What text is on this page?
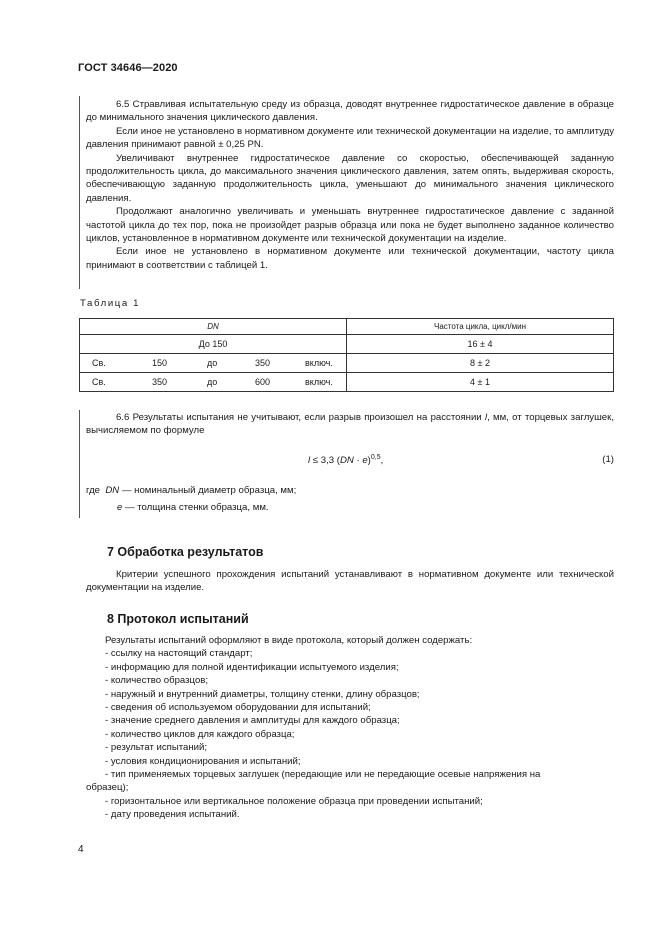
ГОСТ 34646—2020

6.5 Стравливая испытательную среду из образца, доводят внутреннее гидростатическое давление в образце до минимального значения циклического давления.

Если иное не установлено в нормативном документе или технической документации на изделие, то амплитуду давления принимают равной ± 0,25 PN.

Увеличивают внутреннее гидростатическое давление со скоростью, обеспечивающей заданную продолжительность цикла, до максимального значения циклического давления, затем опять, выдерживая скорость, обеспечивающую заданную продолжительность цикла, уменьшают до минимального значения циклического давления.

Продолжают аналогично увеличивать и уменьшать внутреннее гидростатическое давление с заданной частотой цикла до тех пор, пока не произойдет разрыв образца или пока не будет выполнено заданное количество циклов, установленное в нормативном документе или технической документации на изделие.

Если иное не установлено в нормативном документе или технической документации, частоту цикла принимают в соответствии с таблицей 1.

Таблица 1
DN	Частота цикла, цикл/мин
До 150	16 ± 4

Св. 150 до 350 включ.	8 ± 2

Св. 350 до 600 включ.	4 ± 1

6.6 Результаты испытания не учитывают, если разрыв произошел на расстоянии l, мм, от торцевых заглушек, вычисляемом по формуле

l ≤ 3,3 (DN · e)$^{0,5}$,	(1)
где DN — номинальный диаметр образца, мм;
e — толщина стенки образца, мм.
7 Обработка результатов

Критерии успешного прохождения испытаний устанавливают в нормативном документе или технической документации на изделие.

8 Протокол испытаний
Результаты испытаний оформляют в виде протокола, который должен содержать:
- ссылку на настоящий стандарт;
- информацию для полной идентификации испытуемого изделия;
- количество образцов;
- наружный и внутренний диаметры, толщину стенки, длину образцов;
- сведения об используемом оборудовании для испытаний;
- значение среднего давления и амплитуды для каждого образца;
- количество циклов для каждого образца;
- результат испытаний;
- условия кондиционирования и испытаний;
- тип применяемых торцевых заглушек (передающие или не передающие осевые напряжения на
образец);
- горизонтальное или вертикальное положение образца при проведении испытаний;
- дату проведения испытаний.
4
